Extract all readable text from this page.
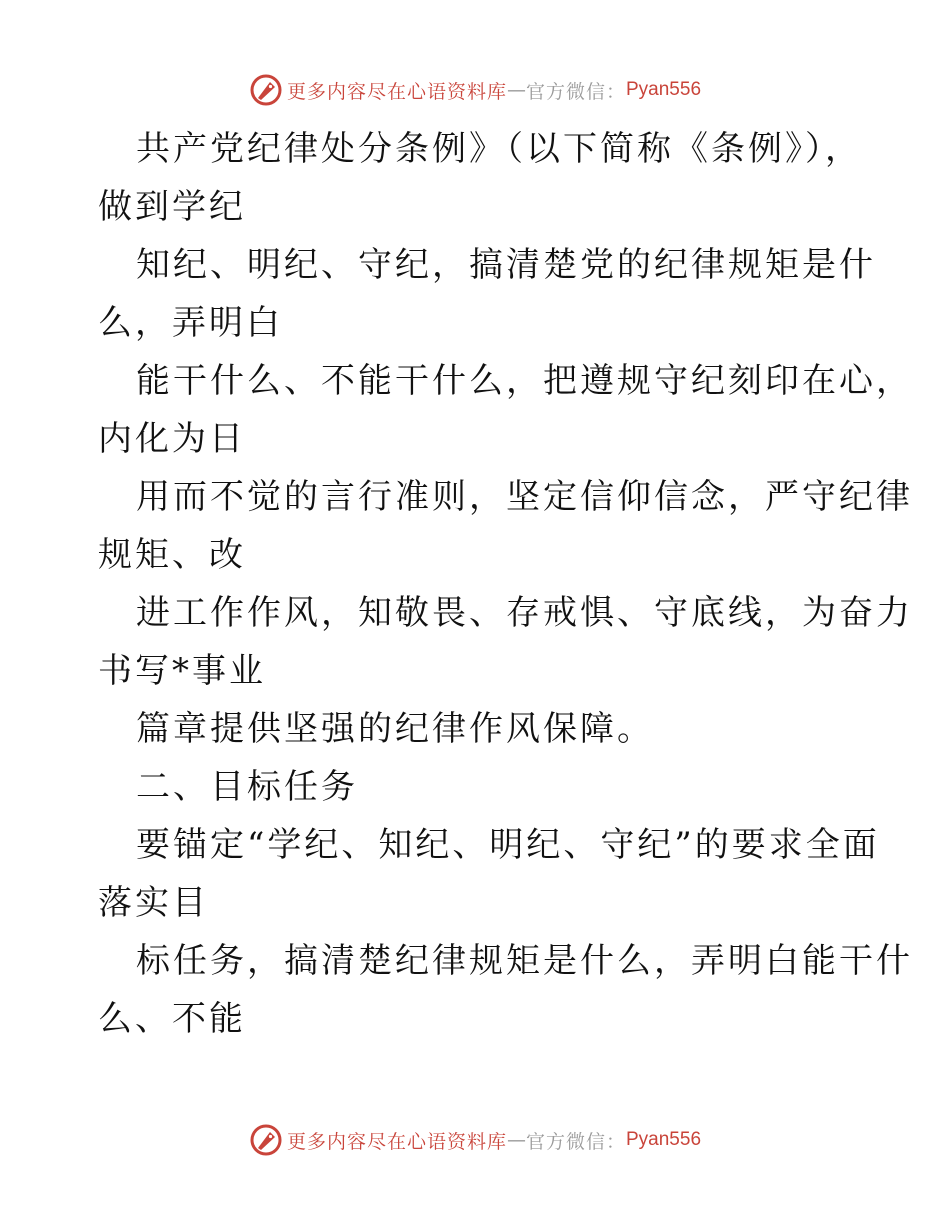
更多内容尽在心语资料库 — 官方微信： Pyan556
共产党纪律处分条例》（以下简称《条例》），
做到学纪
知纪、明纪、守纪，搞清楚党的纪律规矩是什
么，弄明白
能干什么、不能干什么，把遵规守纪刻印在心，
内化为日
用而不觉的言行准则，坚定信仰信念，严守纪律
规矩、改
进工作作风，知敬畏、存戒惧、守底线，为奋力
书写*事业
篇章提供坚强的纪律作风保障。
二、目标任务
要锚定“学纪、知纪、明纪、守纪”的要求全面
落实目
标任务，搞清楚纪律规矩是什么，弄明白能干什
么、不能
更多内容尽在心语资料库 — 官方微信： Pyan556
